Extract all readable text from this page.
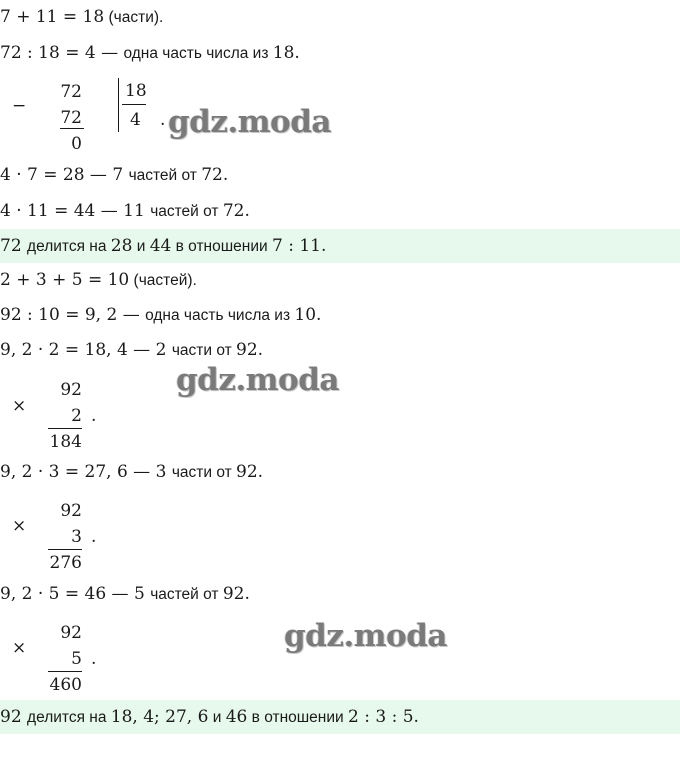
7 + 11 = 18 (части).
72 : 18 = 4 — одна часть числа из 18.
−
72
72
0
18
4 . gdz.moda
4 · 7 = 28 — 7 частей от 72.
4 · 11 = 44 — 11 частей от 72.
72 делится на 28 и 44 в отношении 7 : 11.
2 + 3 + 5 = 10 (частей).
92 : 10 = 9, 2 — одна часть числа из 10.
9, 2 · 2 = 18, 4 — 2 части от 92.
×
92
2
184
.
gdz.moda
9, 2 · 3 = 27, 6 — 3 части от 92.
×
92
3
276
.
9, 2 · 5 = 46 — 5 частей от 92.
×
92
5
460
.
gdz.moda
92 делится на 18, 4; 27, 6 и 46 в отношении 2 : 3 : 5.
